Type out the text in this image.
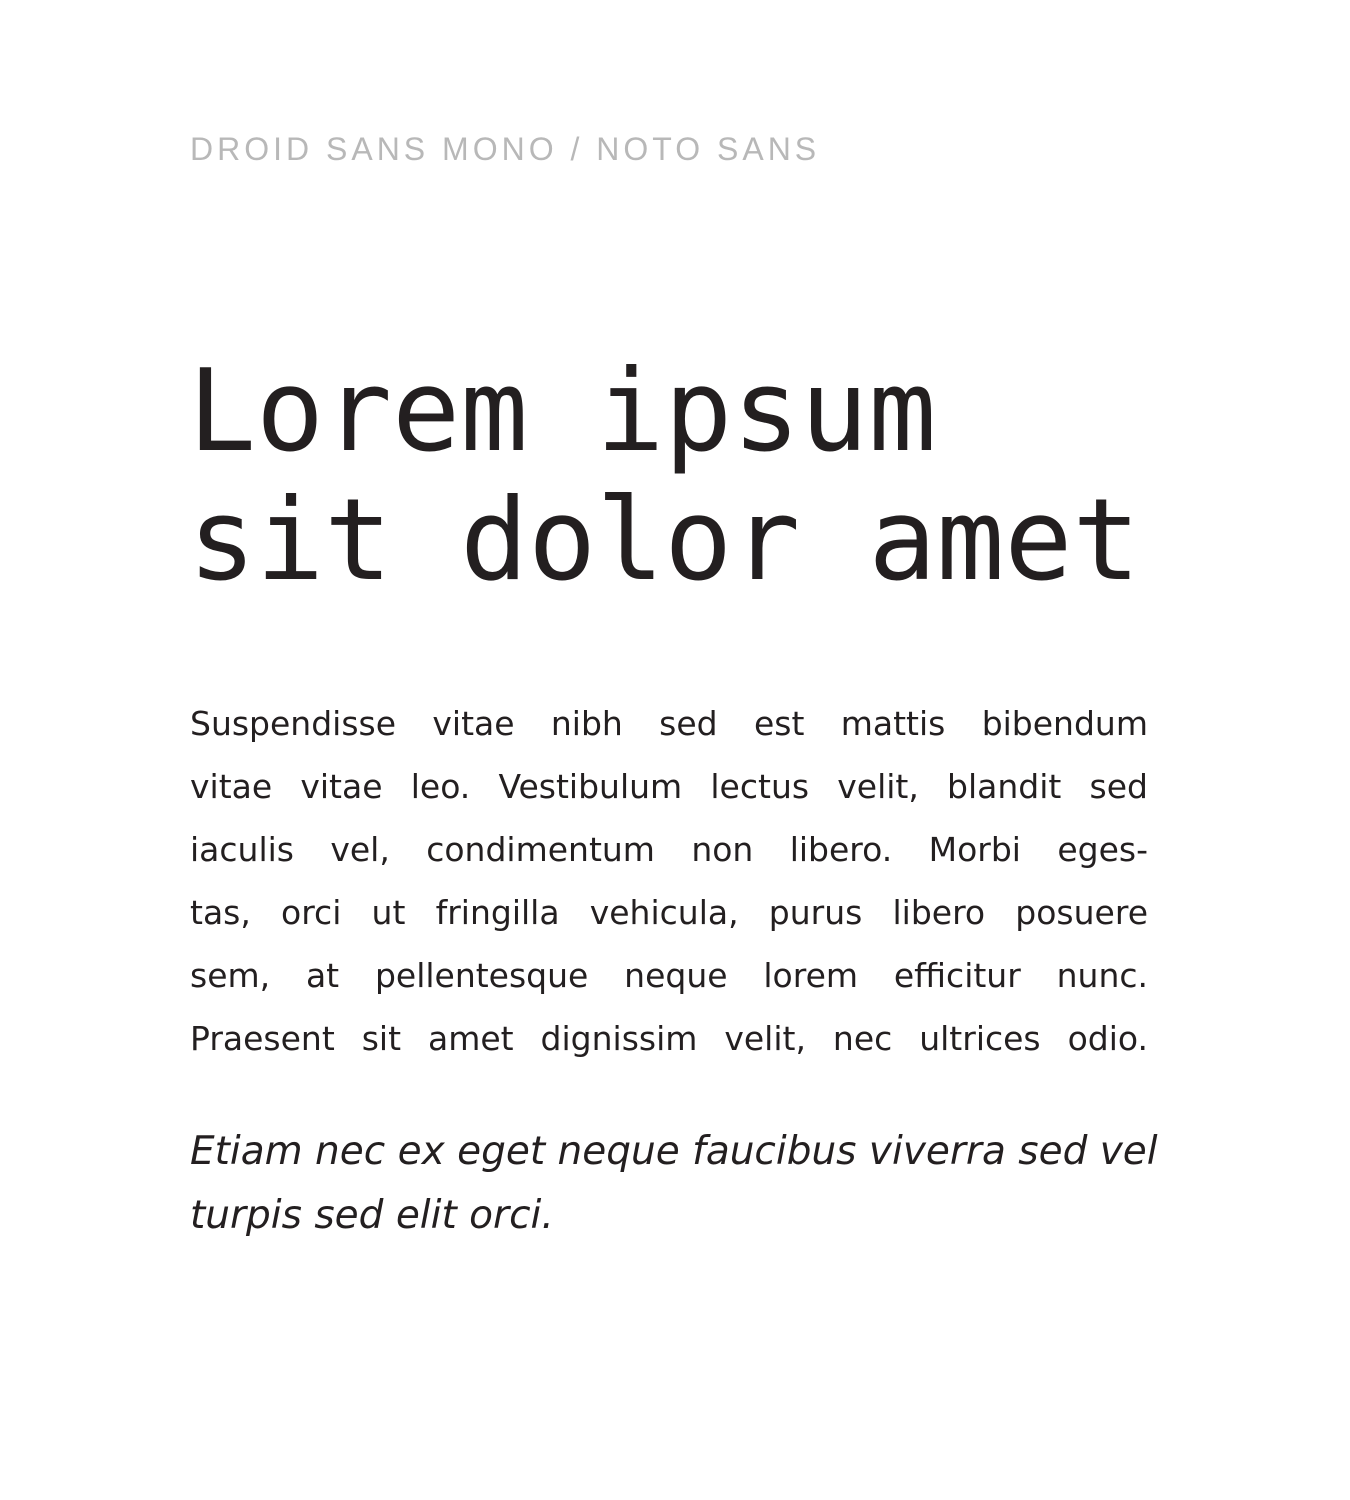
DROID SANS MONO / NOTO SANS

Lorem ipsum
sit dolor amet
Suspendisse vitae nibh sed est mattis bibendum
vitae vitae leo. Vestibulum lectus velit, blandit sed
iaculis vel, condimentum non libero. Morbi eges-
tas, orci ut fringilla vehicula, purus libero posuere
sem, at pellentesque neque lorem efficitur nunc.
Praesent sit amet dignissim velit, nec ultrices odio.
Etiam nec ex eget neque faucibus viverra sed vel
turpis sed elit orci.
